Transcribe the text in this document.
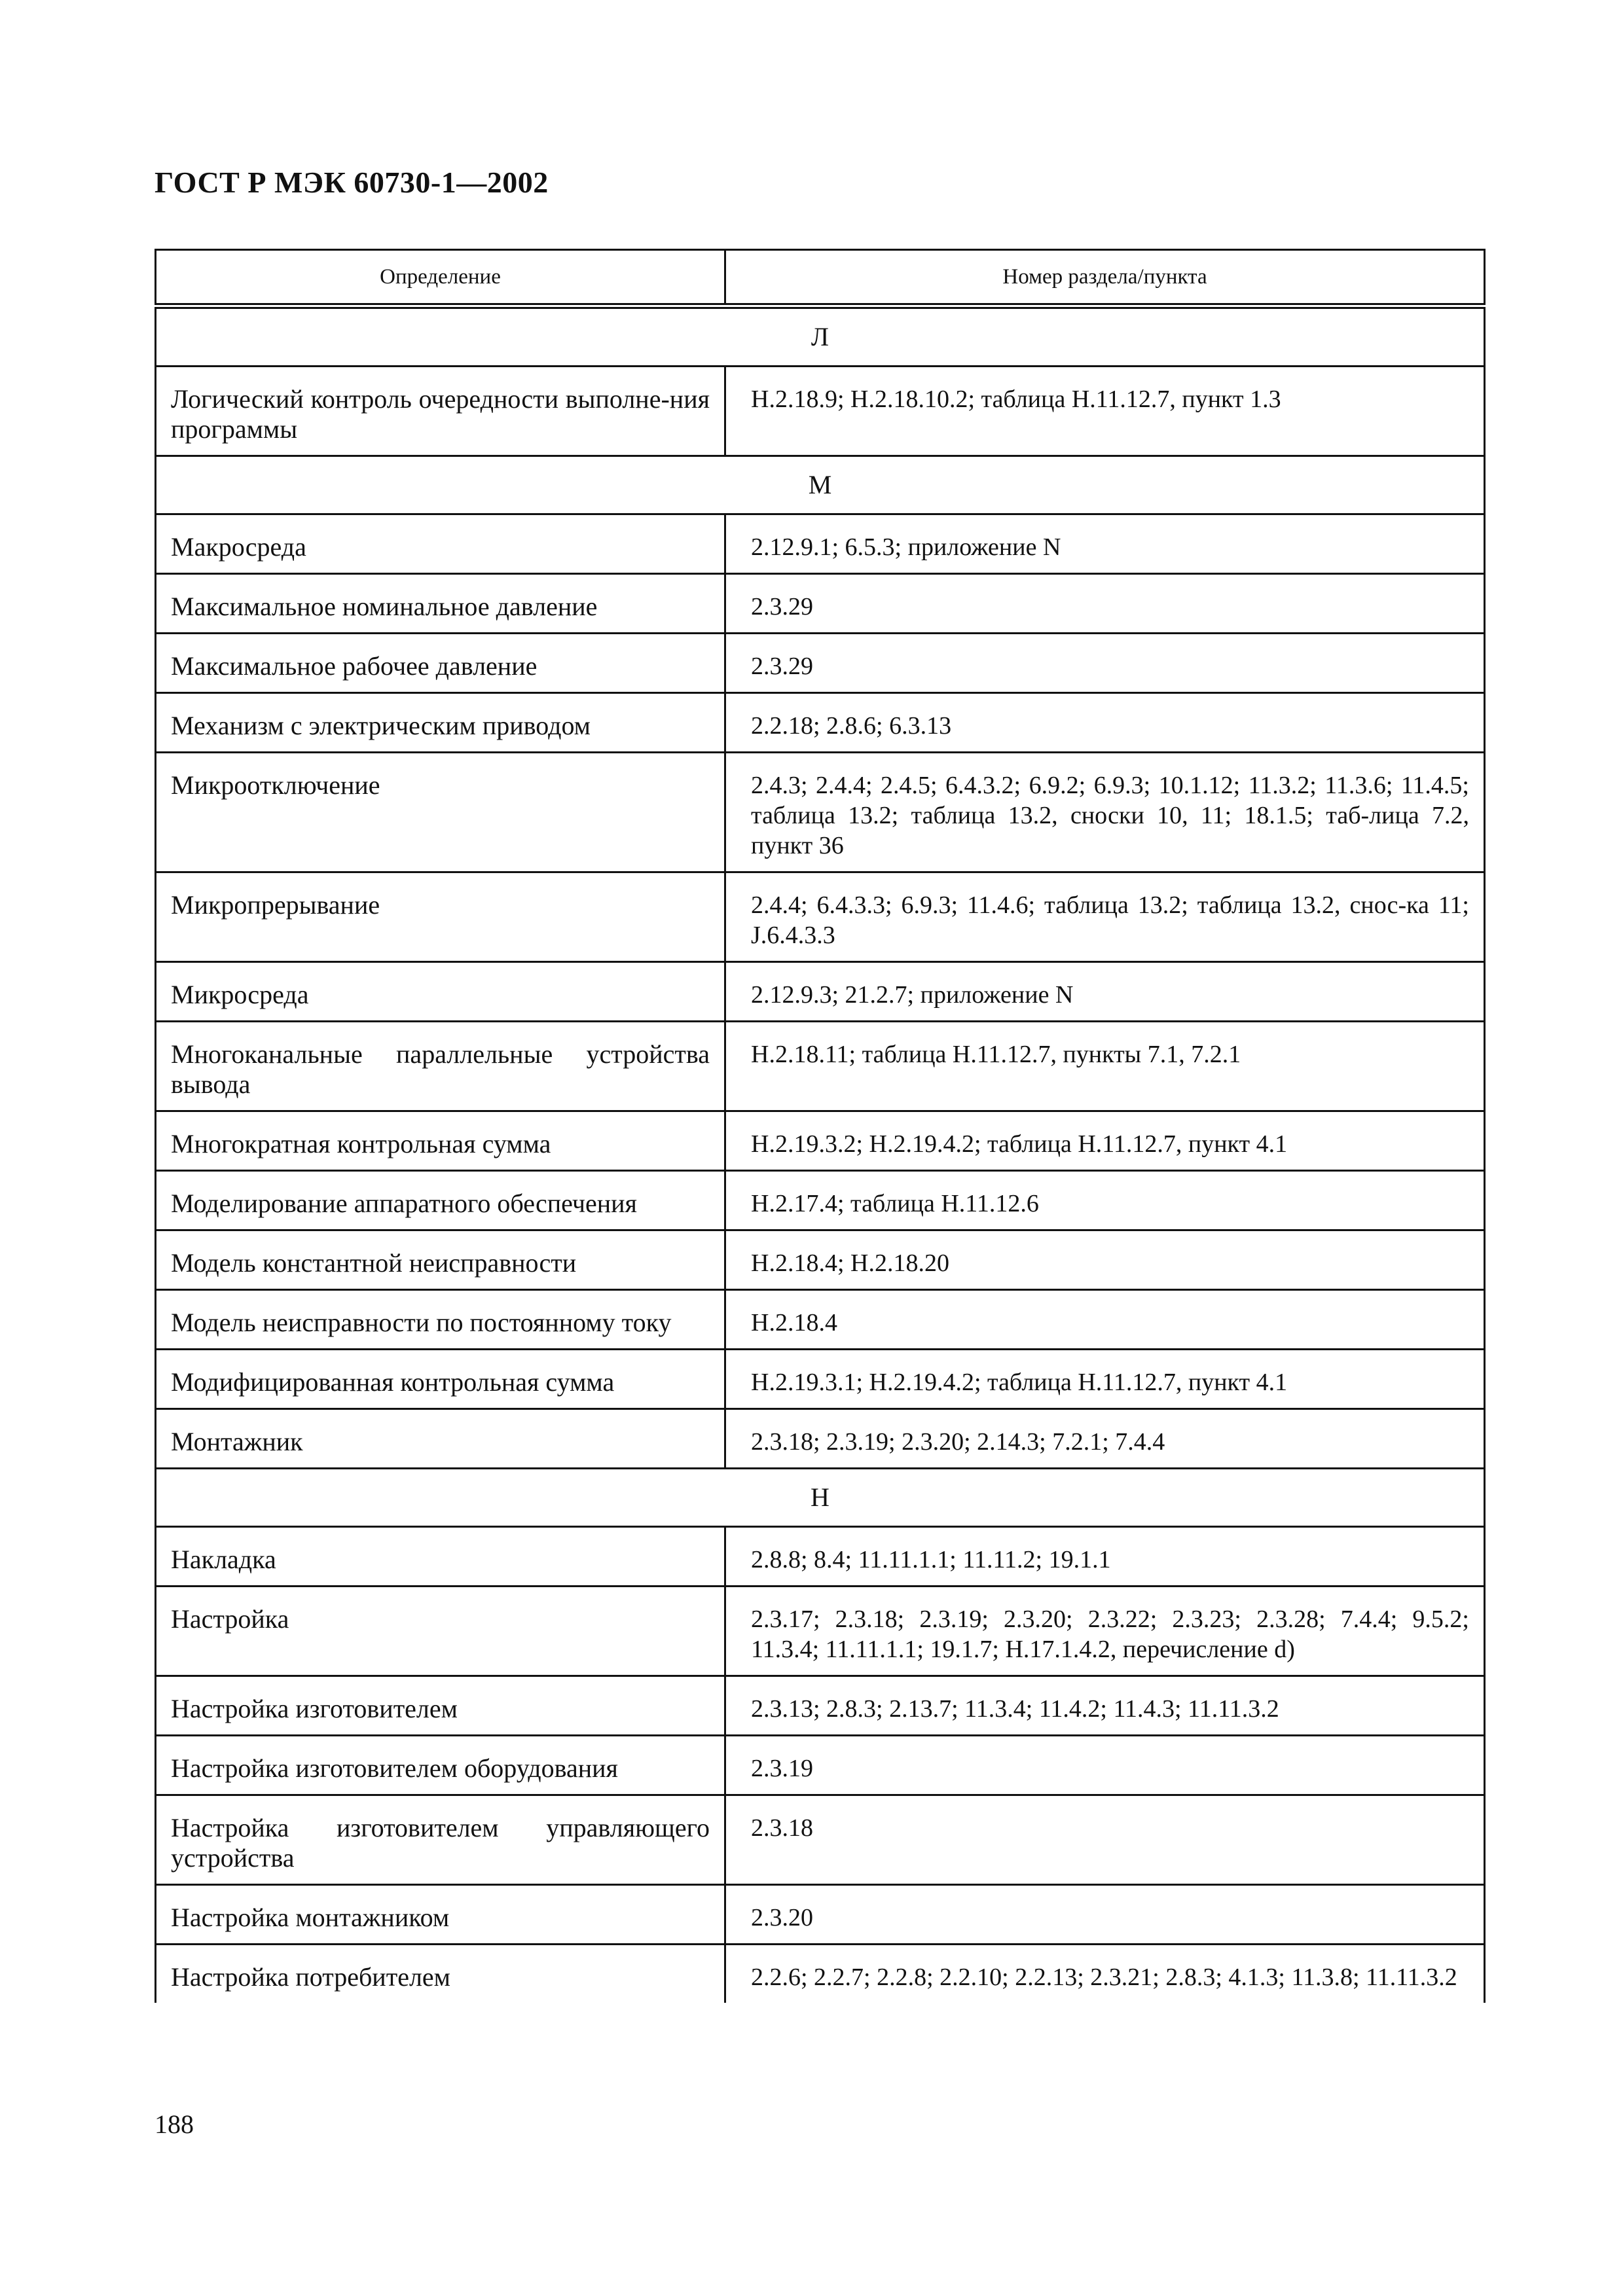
ГОСТ Р МЭК 60730-1—2002
Определение	Номер раздела/пункта
Л	
Логический контроль очередности выполне-ния программы	H.2.18.9; H.2.18.10.2; таблица H.11.12.7, пункт 1.3
М	
Макросреда	2.12.9.1; 6.5.3; приложение N
Максимальное номинальное давление	2.3.29
Максимальное рабочее давление	2.3.29
Механизм с электрическим приводом	2.2.18; 2.8.6; 6.3.13
Микроотключение	2.4.3; 2.4.4; 2.4.5; 6.4.3.2; 6.9.2; 6.9.3; 10.1.12; 11.3.2; 11.3.6; 11.4.5; таблица 13.2; таблица 13.2, сноски 10, 11; 18.1.5; таб-лица 7.2, пункт 36
Микропрерывание	2.4.4; 6.4.3.3; 6.9.3; 11.4.6; таблица 13.2; таблица 13.2, снос-ка 11; J.6.4.3.3
Микросреда	2.12.9.3; 21.2.7; приложение N
Многоканальные параллельные устройства вывода	H.2.18.11; таблица H.11.12.7, пункты 7.1, 7.2.1
Многократная контрольная сумма	H.2.19.3.2; H.2.19.4.2; таблица H.11.12.7, пункт 4.1
Моделирование аппаратного обеспечения	H.2.17.4; таблица H.11.12.6
Модель константной неисправности	H.2.18.4; H.2.18.20
Модель неисправности по постоянному току	H.2.18.4
Модифицированная контрольная сумма	H.2.19.3.1; H.2.19.4.2; таблица H.11.12.7, пункт 4.1
Монтажник	2.3.18; 2.3.19; 2.3.20; 2.14.3; 7.2.1; 7.4.4
Н	
Накладка	2.8.8; 8.4; 11.11.1.1; 11.11.2; 19.1.1
Настройка	2.3.17; 2.3.18; 2.3.19; 2.3.20; 2.3.22; 2.3.23; 2.3.28; 7.4.4; 9.5.2; 11.3.4; 11.11.1.1; 19.1.7; H.17.1.4.2, перечисление d)
Настройка изготовителем	2.3.13; 2.8.3; 2.13.7; 11.3.4; 11.4.2; 11.4.3; 11.11.3.2
Настройка изготовителем оборудования	2.3.19
Настройка изготовителем управляющего устройства	2.3.18
Настройка монтажником	2.3.20
Настройка потребителем	2.2.6; 2.2.7; 2.2.8; 2.2.10; 2.2.13; 2.3.21; 2.8.3; 4.1.3; 11.3.8; 11.11.3.2
188
